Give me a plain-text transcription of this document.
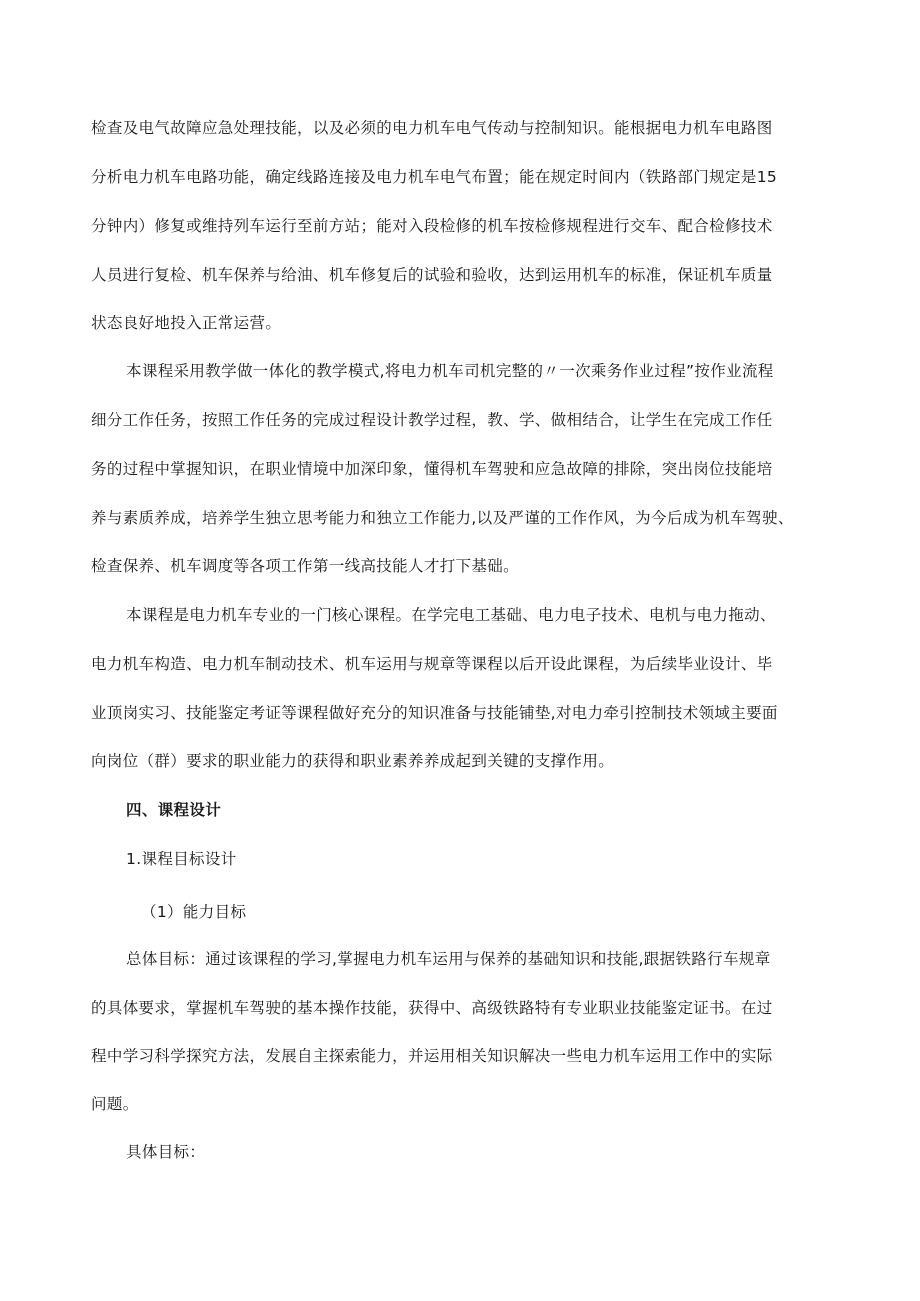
检查及电气故障应急处理技能，以及必须的电力机车电气传动与控制知识。能根据电力机车电路图
分析电力机车电路功能，确定线路连接及电力机车电气布置；能在规定时间内（铁路部门规定是15
分钟内）修复或维持列车运行至前方站；能对入段检修的机车按检修规程进行交车、配合检修技术
人员进行复检、机车保养与给油、机车修复后的试验和验收，达到运用机车的标准，保证机车质量
状态良好地投入正常运营。
本课程采用教学做一体化的教学模式,将电力机车司机完整的〃一次乘务作业过程”按作业流程
细分工作任务，按照工作任务的完成过程设计教学过程，教、学、做相结合，让学生在完成工作任
务的过程中掌握知识，在职业情境中加深印象，懂得机车驾驶和应急故障的排除，突出岗位技能培
养与素质养成，培养学生独立思考能力和独立工作能力,以及严谨的工作作风，为今后成为机车驾驶、
检查保养、机车调度等各项工作第一线高技能人才打下基础。
本课程是电力机车专业的一门核心课程。在学完电工基础、电力电子技术、电机与电力拖动、
电力机车构造、电力机车制动技术、机车运用与规章等课程以后开设此课程，为后续毕业设计、毕
业顶岗实习、技能鉴定考证等课程做好充分的知识准备与技能铺垫,对电力牵引控制技术领域主要面
向岗位（群）要求的职业能力的获得和职业素养养成起到关键的支撑作用。
四、课程设计
1.课程目标设计
（1）能力目标
总体目标：通过该课程的学习,掌握电力机车运用与保养的基础知识和技能,跟据铁路行车规章
的具体要求，掌握机车驾驶的基本操作技能，获得中、高级铁路特有专业职业技能鉴定证书。在过
程中学习科学探究方法，发展自主探索能力，并运用相关知识解决一些电力机车运用工作中的实际
问题。
具体目标：
